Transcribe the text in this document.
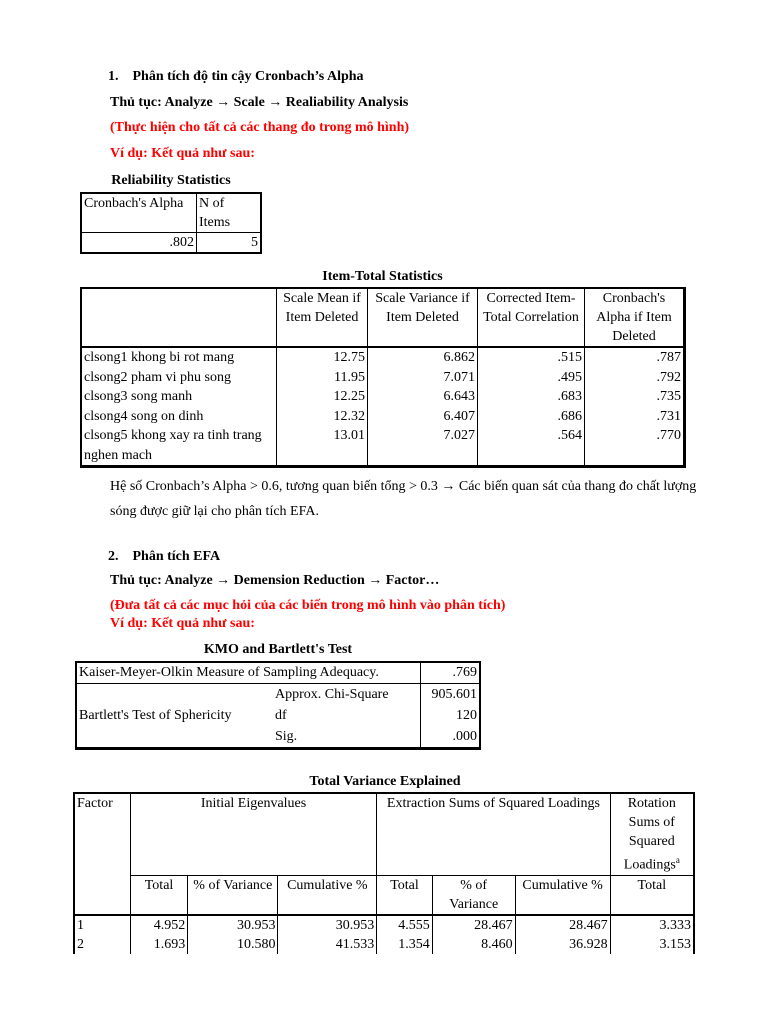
1. Phân tích độ tin cậy Cronbach’s Alpha
Thủ tục: Analyze → Scale → Realiability Analysis
(Thực hiện cho tất cả các thang đo trong mô hình)
Ví dụ: Kết quả như sau:
Reliability Statistics
Cronbach's Alpha	N of Items
.802	5
Item-Total Statistics
	Scale Mean if Item Deleted	Scale Variance if Item Deleted	Corrected Item-Total Correlation	Cronbach's Alpha if Item Deleted
clsong1 khong bi rot mang	12.75	6.862	.515	.787
clsong2 pham vi phu song	11.95	7.071	.495	.792
clsong3 song manh	12.25	6.643	.683	.735
clsong4 song on dinh	12.32	6.407	.686	.731
clsong5 khong xay ra tinh trang nghen mach	13.01	7.027	.564	.770
Hệ số Cronbach’s Alpha > 0.6, tương quan biến tổng > 0.3 → Các biến quan sát của thang đo chất lượng sóng được giữ lại cho phân tích EFA.
2. Phân tích EFA
Thủ tục: Analyze → Demension Reduction → Factor…
(Đưa tất cả các mục hỏi của các biến trong mô hình vào phân tích)
Ví dụ: Kết quả như sau:
KMO and Bartlett's Test
Kaiser-Meyer-Olkin Measure of Sampling Adequacy.		.769
Bartlett's Test of Sphericity	Approx. Chi-Square	905.601
	df	120
	Sig.	.000
Total Variance Explained
Factor	Initial Eigenvalues			Extraction Sums of Squared Loadings			Rotation Sums of Squared Loadings$^a$
	Total	% of Variance	Cumulative %	Total	% of Variance	Cumulative %	Total
1	4.952	30.953	30.953	4.555	28.467	28.467	3.333
2	1.693	10.580	41.533	1.354	8.460	36.928	3.153
